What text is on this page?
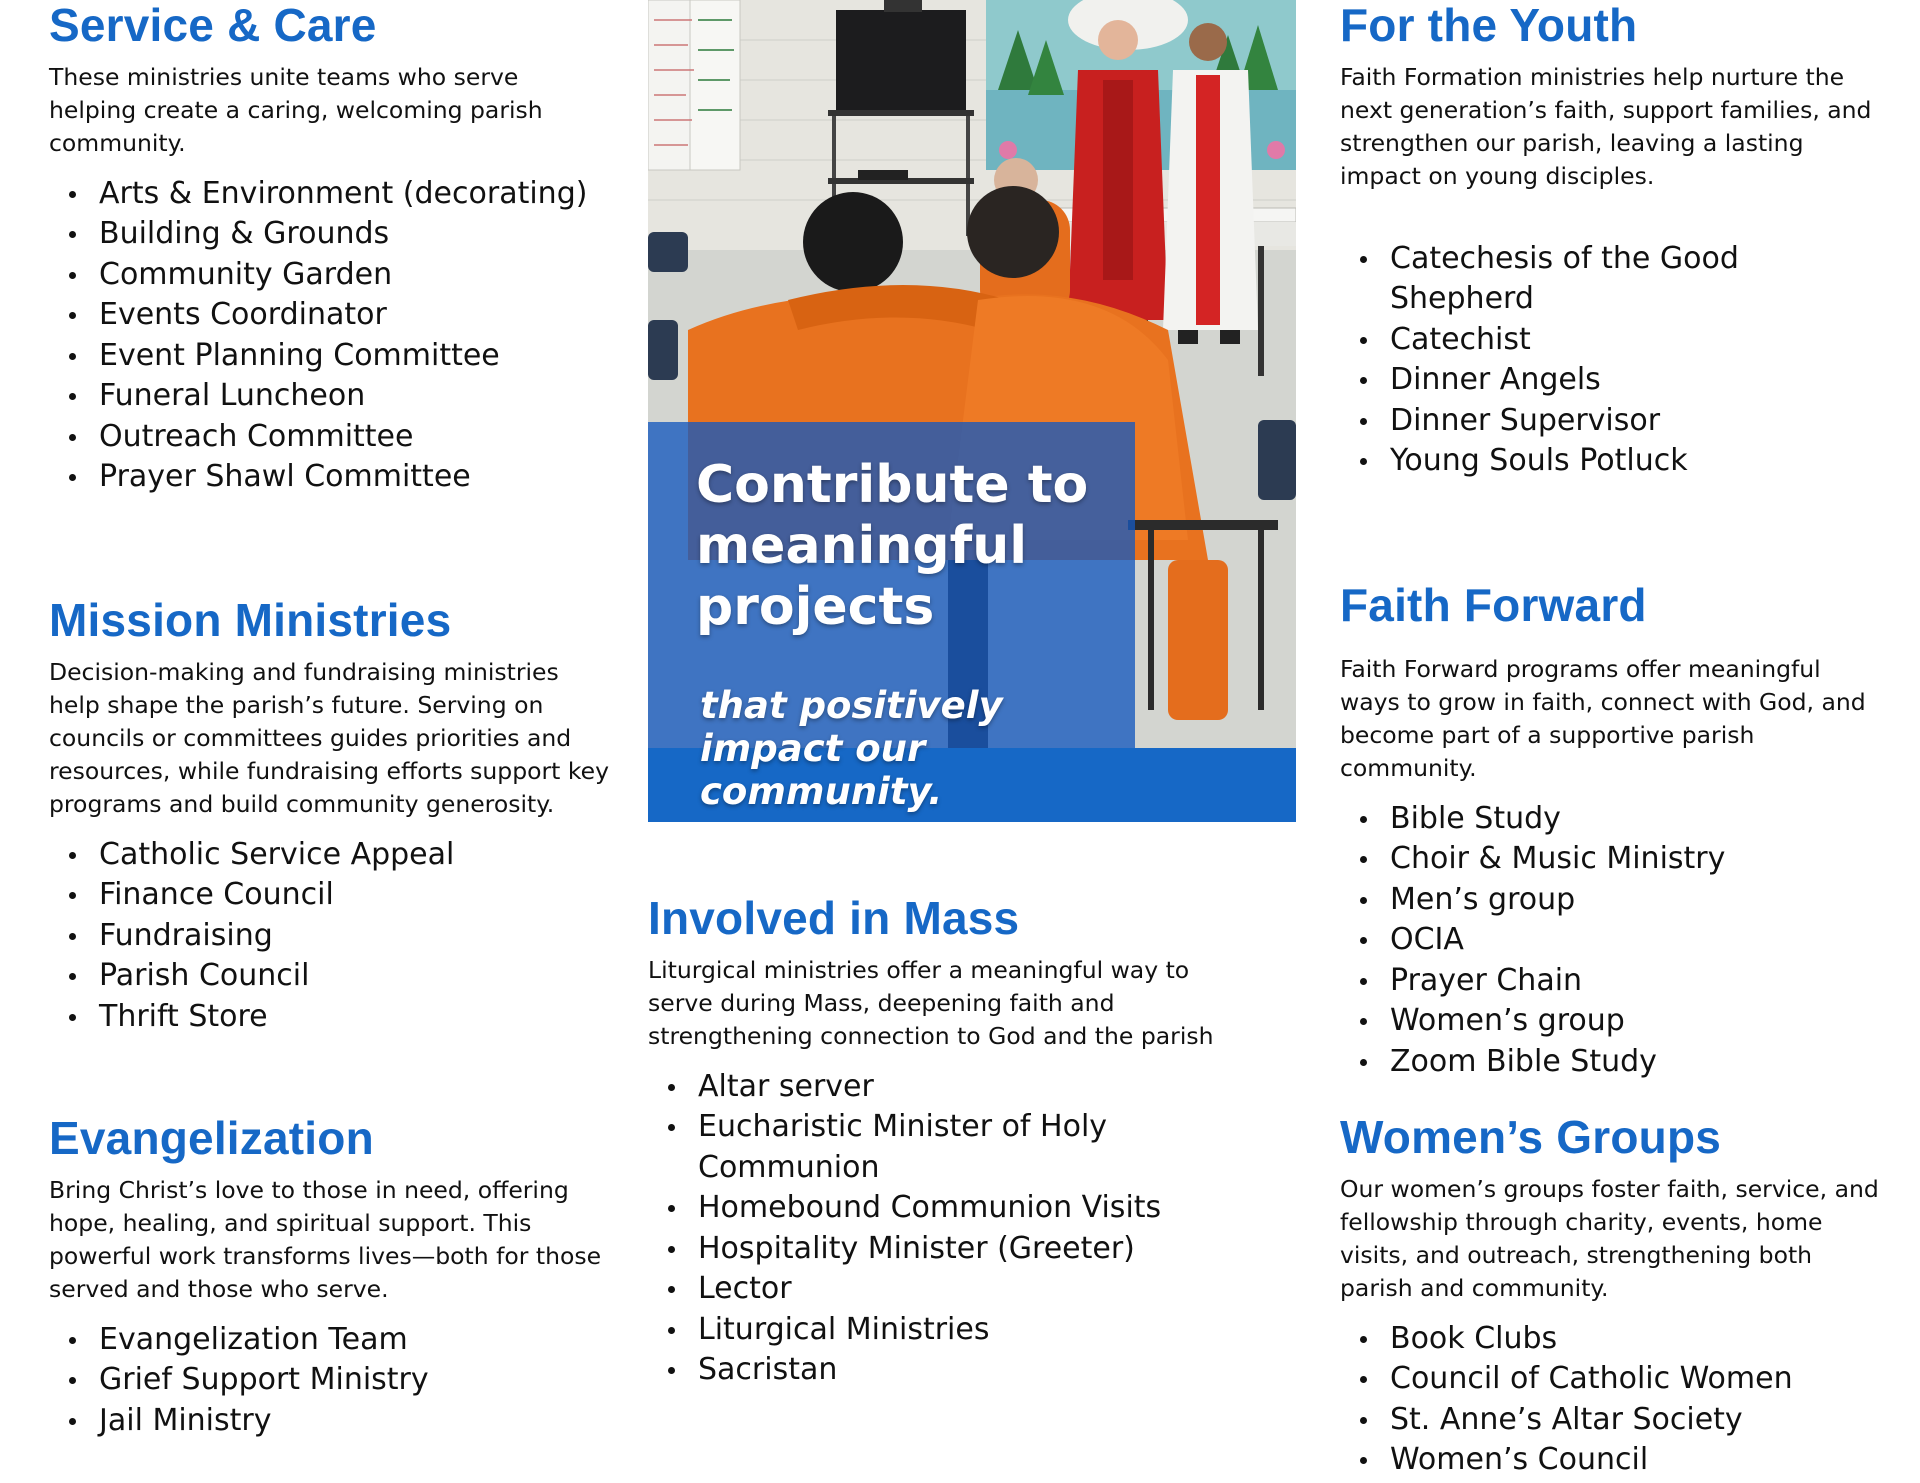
Service & Care

These ministries unite teams who serve helping create a caring, welcoming parish community.

Arts & Environment (decorating)
Building & Grounds
Community Garden
Events Coordinator
Event Planning Committee
Funeral Luncheon
Outreach Committee
Prayer Shawl Committee
Mission Ministries

Decision-making and fundraising ministries help shape the parish’s future. Serving on councils or committees guides priorities and resources, while fundraising efforts support key programs and build community generosity.

Catholic Service Appeal
Finance Council
Fundraising
Parish Council
Thrift Store
Evangelization

Bring Christ’s love to those in need, offering hope, healing, and spiritual support. This powerful work transforms lives—both for those served and those who serve.

Evangelization Team
Grief Support Ministry
Jail Ministry
Contribute to meaningful projects

that positively impact our community.

Involved in Mass

Liturgical ministries offer a meaningful way to serve during Mass, deepening faith and strengthening connection to God and the parish

Altar server
Eucharistic Minister of Holy Communion
Homebound Communion Visits
Hospitality Minister (Greeter)
Lector
Liturgical Ministries
Sacristan
For the Youth

Faith Formation ministries help nurture the next generation’s faith, support families, and strengthen our parish, leaving a lasting impact on young disciples.

Catechesis of the Good Shepherd
Catechist
Dinner Angels
Dinner Supervisor
Young Souls Potluck
Faith Forward

Faith Forward programs offer meaningful ways to grow in faith, connect with God, and become part of a supportive parish community.

Bible Study
Choir & Music Ministry
Men’s group
OCIA
Prayer Chain
Women’s group
Zoom Bible Study
Women’s Groups

Our women’s groups foster faith, service, and fellowship through charity, events, home visits, and outreach, strengthening both parish and community.

Book Clubs
Council of Catholic Women
St. Anne’s Altar Society
Women’s Council
